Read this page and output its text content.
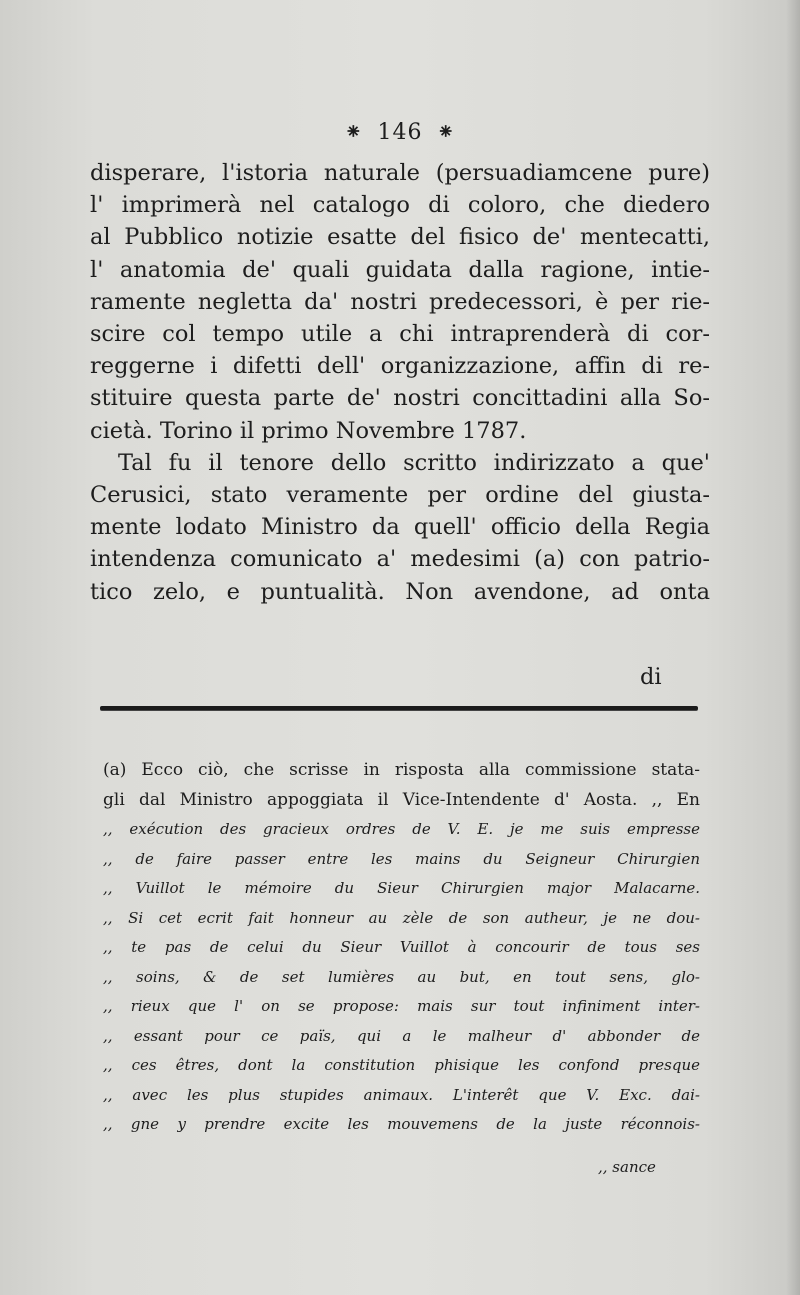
⁕ 146 ⁕
disperare, l'istoria naturale (persuadiamcene pure)
l' imprimerà nel catalogo di coloro, che diedero
al Pubblico notizie esatte del fisico de' mentecatti,
l' anatomia de' quali guidata dalla ragione, intie-
ramente negletta da' nostri predecessori, è per rie-
scire col tempo utile a chi intraprenderà di cor-
reggerne i difetti dell' organizzazione, affin di re-
stituire questa parte de' nostri concittadini alla So-
cietà. Torino il primo Novembre 1787.
Tal fu il tenore dello scritto indirizzato a que'
Cerusici, stato veramente per ordine del giusta-
mente lodato Ministro da quell' officio della Regia
intendenza comunicato a' medesimi (a) con patrio-
tico zelo, e puntualità. Non avendone, ad onta
di
(a) Ecco ciò, che scrisse in risposta alla commissione stata-
gli dal Ministro appoggiata il Vice-Intendente d' Aosta. ,, En
,, exécution des gracieux ordres de V. E. je me suis empresse
,, de faire passer entre les mains du Seigneur Chirurgien
,, Vuillot le mémoire du Sieur Chirurgien major Malacarne.
,, Si cet ecrit fait honneur au zèle de son autheur, je ne dou-
,, te pas de celui du Sieur Vuillot à concourir de tous ses
,, soins, & de set lumières au but, en tout sens, glo-
,, rieux que l' on se propose: mais sur tout infiniment inter-
,, essant pour ce païs, qui a le malheur d' abbonder de
,, ces êtres, dont la constitution phisique les confond presque
,, avec les plus stupides animaux. L'interêt que V. Exc. dai-
,, gne y prendre excite les mouvemens de la juste réconnois-
,, sance
